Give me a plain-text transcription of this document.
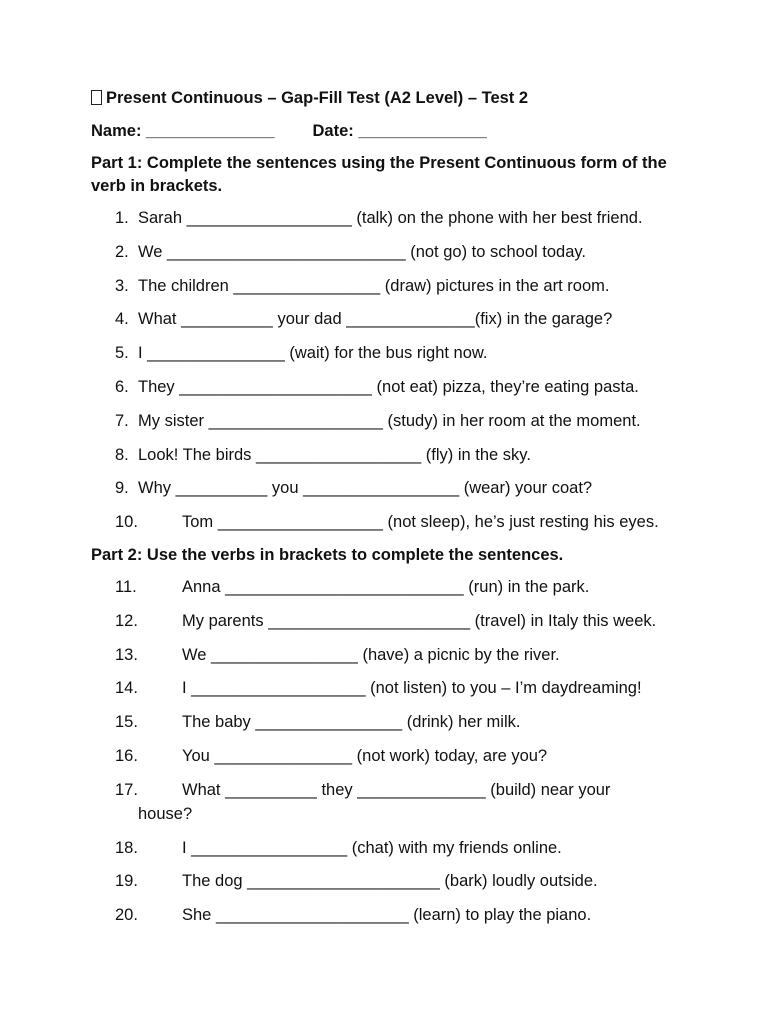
Present Continuous – Gap-Fill Test (A2 Level) – Test 2
Name: ______________ Date: ______________
Part 1: Complete the sentences using the Present Continuous form of the verb in brackets.
1. Sarah __________________ (talk) on the phone with her best friend.
2. We __________________________ (not go) to school today.
3. The children ________________ (draw) pictures in the art room.
4. What __________ your dad ______________(fix) in the garage?
5. I _______________ (wait) for the bus right now.
6. They _____________________ (not eat) pizza, they’re eating pasta.
7. My sister ___________________ (study) in her room at the moment.
8. Look! The birds __________________ (fly) in the sky.
9. Why __________ you _________________ (wear) your coat?
10.	Tom __________________ (not sleep), he’s just resting his eyes.
Part 2: Use the verbs in brackets to complete the sentences.
11.	Anna __________________________ (run) in the park.
12.	My parents ______________________ (travel) in Italy this week.
13.	We ________________ (have) a picnic by the river.
14.	I ___________________ (not listen) to you – I’m daydreaming!
15.	The baby ________________ (drink) her milk.
16.	You _______________ (not work) today, are you?
17.	What __________ they ______________ (build) near your
house?
18.	I _________________ (chat) with my friends online.
19.	The dog _____________________ (bark) loudly outside.
20.	She _____________________ (learn) to play the piano.
